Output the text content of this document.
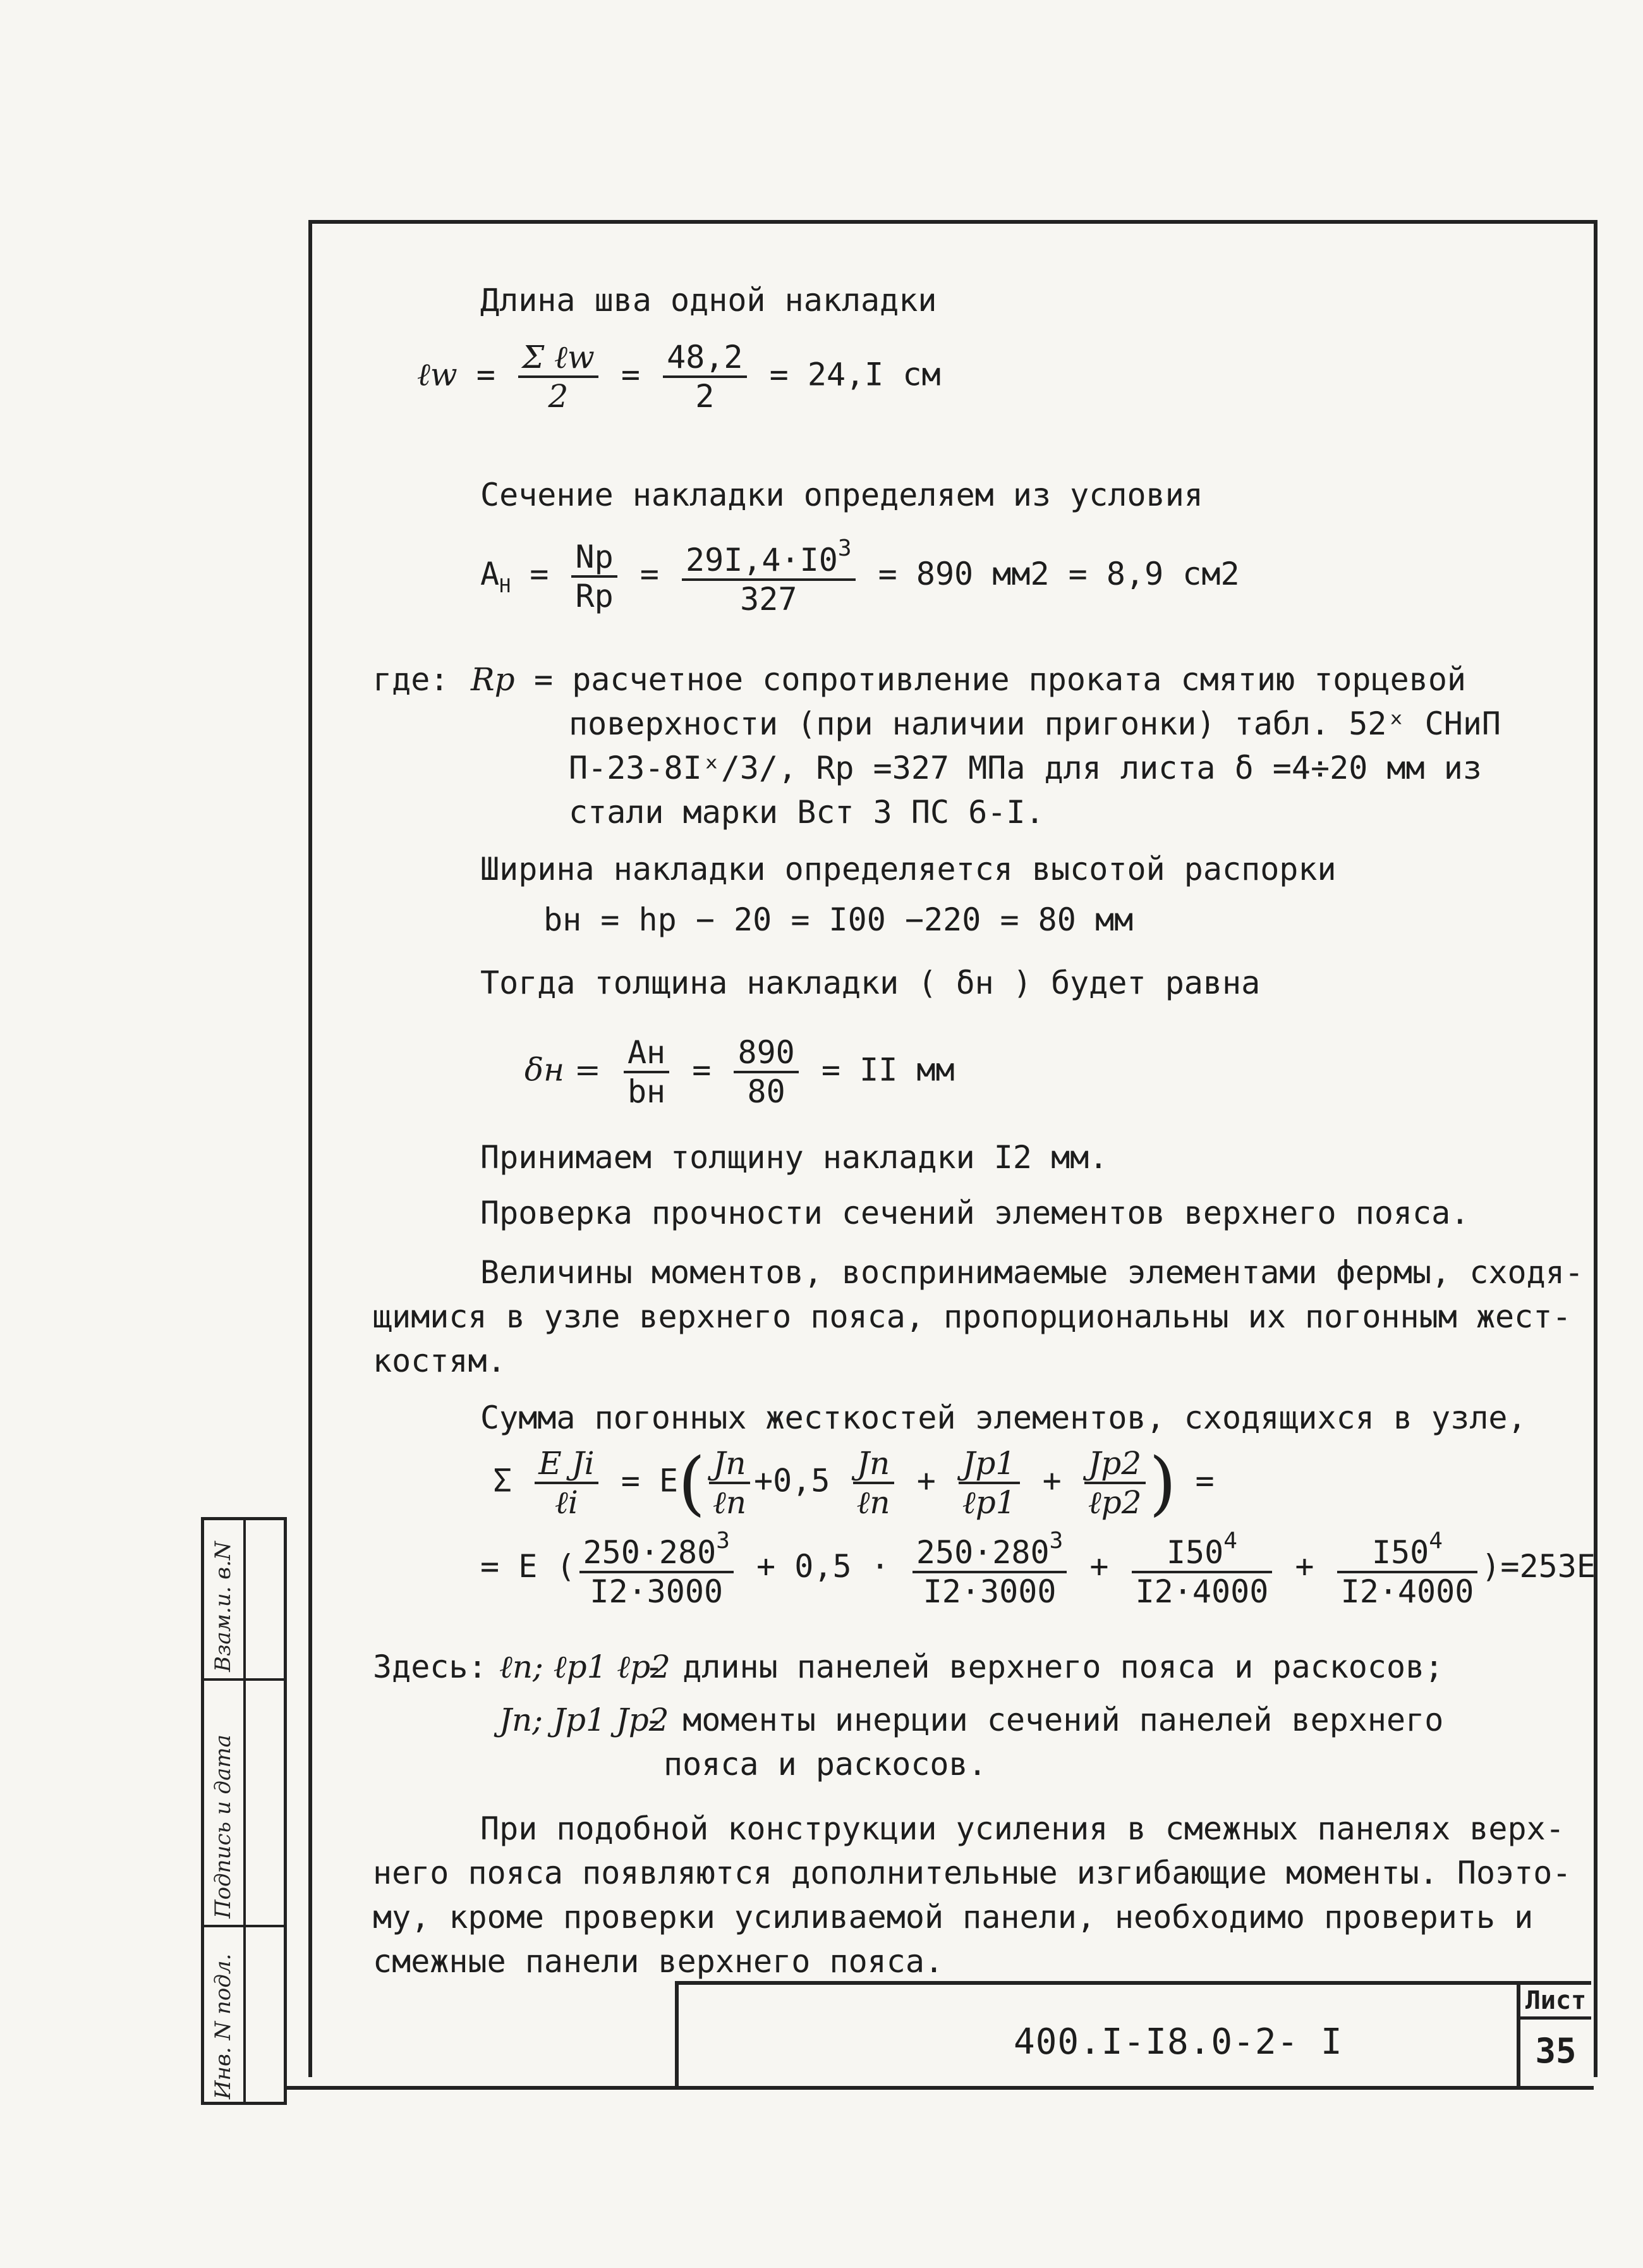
Инв. N подл.
Подпись и дата
Взам.и. в.N
400.I-I8.0-2- I
Лист
35
Длина шва одной накладки
ℓw = $\frac{\text{Σ ℓw}}{2} = \frac{48,2}{2} = 24,I$ см
Сечение накладки определяем из условия
$A_H = \frac{Nр}{Rр} = \frac{29I,4\cdot I0^3}{327} = 890$ мм2 = 8,9 см2
где: Rр = расчетное сопротивление проката смятию торцевой
поверхности (при наличии пригонки) табл. 52ˣ СНиП
П-23-8Iˣ/3/, Rр =327 МПа для листа δ =4÷20 мм из
стали марки Вст 3 ПС 6-I.
Ширина накладки определяется высотой распорки
bн = hр − 20 = I00 −220 = 80 мм
Тогда толщина накладки ( δн ) будет равна
$\delta н = \frac{Aн}{bн} = \frac{890}{80}$ = II мм
Принимаем толщину накладки I2 мм.
Проверка прочности сечений элементов верхнего пояса.
Величины моментов, воспринимаемые элементами фермы, сходя-
щимися в узле верхнего пояса, пропорциональны их погонным жест-
костям.
Сумма погонных жесткостей элементов, сходящихся в узле,
Σ $\frac{\text{E Ji}}{\text{ℓi}} = E( \frac{Jn}{\text{ℓn}} +0,5 \frac{Jn}{\text{ℓn}} + \frac{Jp1}{\text{ℓp1}} + \frac{Jp2}{\text{ℓp2}}$ ) =
= E ( $\frac{250\cdot 280^3}{I2\cdot 3000} + 0,5 \cdot \frac{250\cdot 280^3}{I2\cdot 3000} + \frac{I50^4}{I2\cdot 4000} + \frac{I50^4}{I2\cdot 4000} )=253E$
Здесь: ℓn; ℓp1 ℓp2
- длины панелей верхнего пояса и раскосов;
Jn; Jp1 Jp2
- моменты инерции сечений панелей верхнего
пояса и раскосов.
При подобной конструкции усиления в смежных панелях верх-
него пояса появляются дополнительные изгибающие моменты. Поэто-
му, кроме проверки усиливаемой панели, необходимо проверить и
смежные панели верхнего пояса.
